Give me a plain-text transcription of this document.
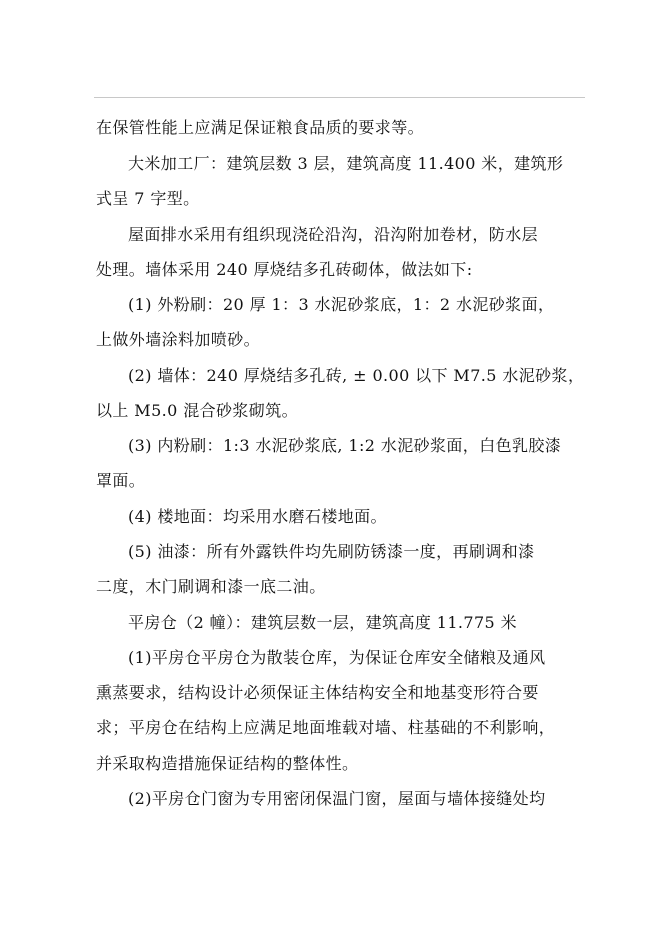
在保管性能上应满足保证粮食品质的要求等。
大米加工厂：建筑层数 3 层，建筑高度 11.400 米，建筑形
式呈 7 字型。
屋面排水采用有组织现浇砼沿沟，沿沟附加卷材，防水层
处理。墙体采用 240 厚烧结多孔砖砌体，做法如下:
(1) 外粉刷：20 厚 1：3 水泥砂浆底，1：2 水泥砂浆面，
上做外墙涂料加喷砂。
(2) 墙体：240 厚烧结多孔砖, ± 0.00 以下 M7.5 水泥砂浆，
以上 M5.0 混合砂浆砌筑。
(3) 内粉刷：1:3 水泥砂浆底, 1:2 水泥砂浆面，白色乳胶漆
罩面。
(4) 楼地面：均采用水磨石楼地面。
(5) 油漆：所有外露铁件均先刷防锈漆一度，再刷调和漆
二度，木门刷调和漆一底二油。
平房仓（2 幢）：建筑层数一层，建筑高度 11.775 米
(1)平房仓平房仓为散装仓库，为保证仓库安全储粮及通风
熏蒸要求，结构设计必须保证主体结构安全和地基变形符合要
求；平房仓在结构上应满足地面堆载对墙、柱基础的不利影响，
并采取构造措施保证结构的整体性。
(2)平房仓门窗为专用密闭保温门窗，屋面与墙体接缝处均
